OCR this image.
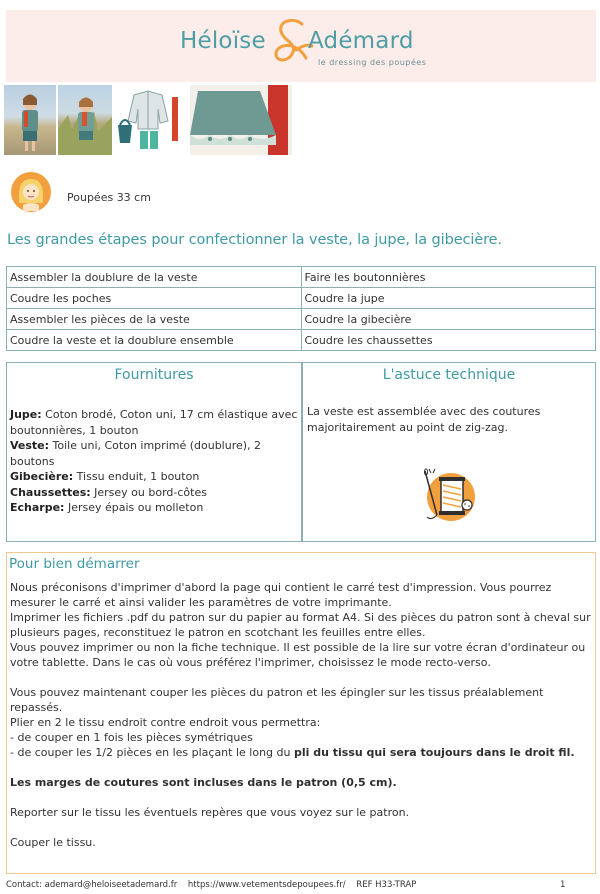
Héloïse Adémard
le dressing des poupées
Poupées 33 cm
Les grandes étapes pour confectionner la veste, la jupe, la gibecière.
Assembler la doublure de la veste	Faire les boutonnières
Coudre les poches	Coudre la jupe
Assembler les pièces de la veste	Coudre la gibecière
Coudre la veste et la doublure ensemble	Coudre les chaussettes
Fournitures
Jupe: Coton brodé, Coton uni, 17 cm élastique avec boutonnières, 1 bouton
Veste: Toile uni, Coton imprimé (doublure), 2 boutons
Gibecière: Tissu enduit, 1 bouton
Chaussettes: Jersey ou bord-côtes
Echarpe: Jersey épais ou molleton
L'astuce technique
La veste est assemblée avec des coutures majoritairement au point de zig-zag.
Pour bien démarrer

Nous préconisons d'imprimer d'abord la page qui contient le carré test d'impression. Vous pourrez mesurer le carré et ainsi valider les paramètres de votre imprimante.

Imprimer les fichiers .pdf du patron sur du papier au format A4. Si des pièces du patron sont à cheval sur plusieurs pages, reconstituez le patron en scotchant les feuilles entre elles.

Vous pouvez imprimer ou non la fiche technique. Il est possible de la lire sur votre écran d'ordinateur ou votre tablette. Dans le cas où vous préférez l'imprimer, choisissez le mode recto-verso.

Vous pouvez maintenant couper les pièces du patron et les épingler sur les tissus préalablement repassés.

Plier en 2 le tissu endroit contre endroit vous permettra:

- de couper en 1 fois les pièces symétriques

- de couper les 1/2 pièces en les plaçant le long du pli du tissu qui sera toujours dans le droit fil.

Les marges de coutures sont incluses dans le patron (0,5 cm).

Reporter sur le tissu les éventuels repères que vous voyez sur le patron.

Couper le tissu.

Contact: ademard@heloiseetademard.fr https://www.vetementsdepoupees.fr/ REF H33-TRAP	1
